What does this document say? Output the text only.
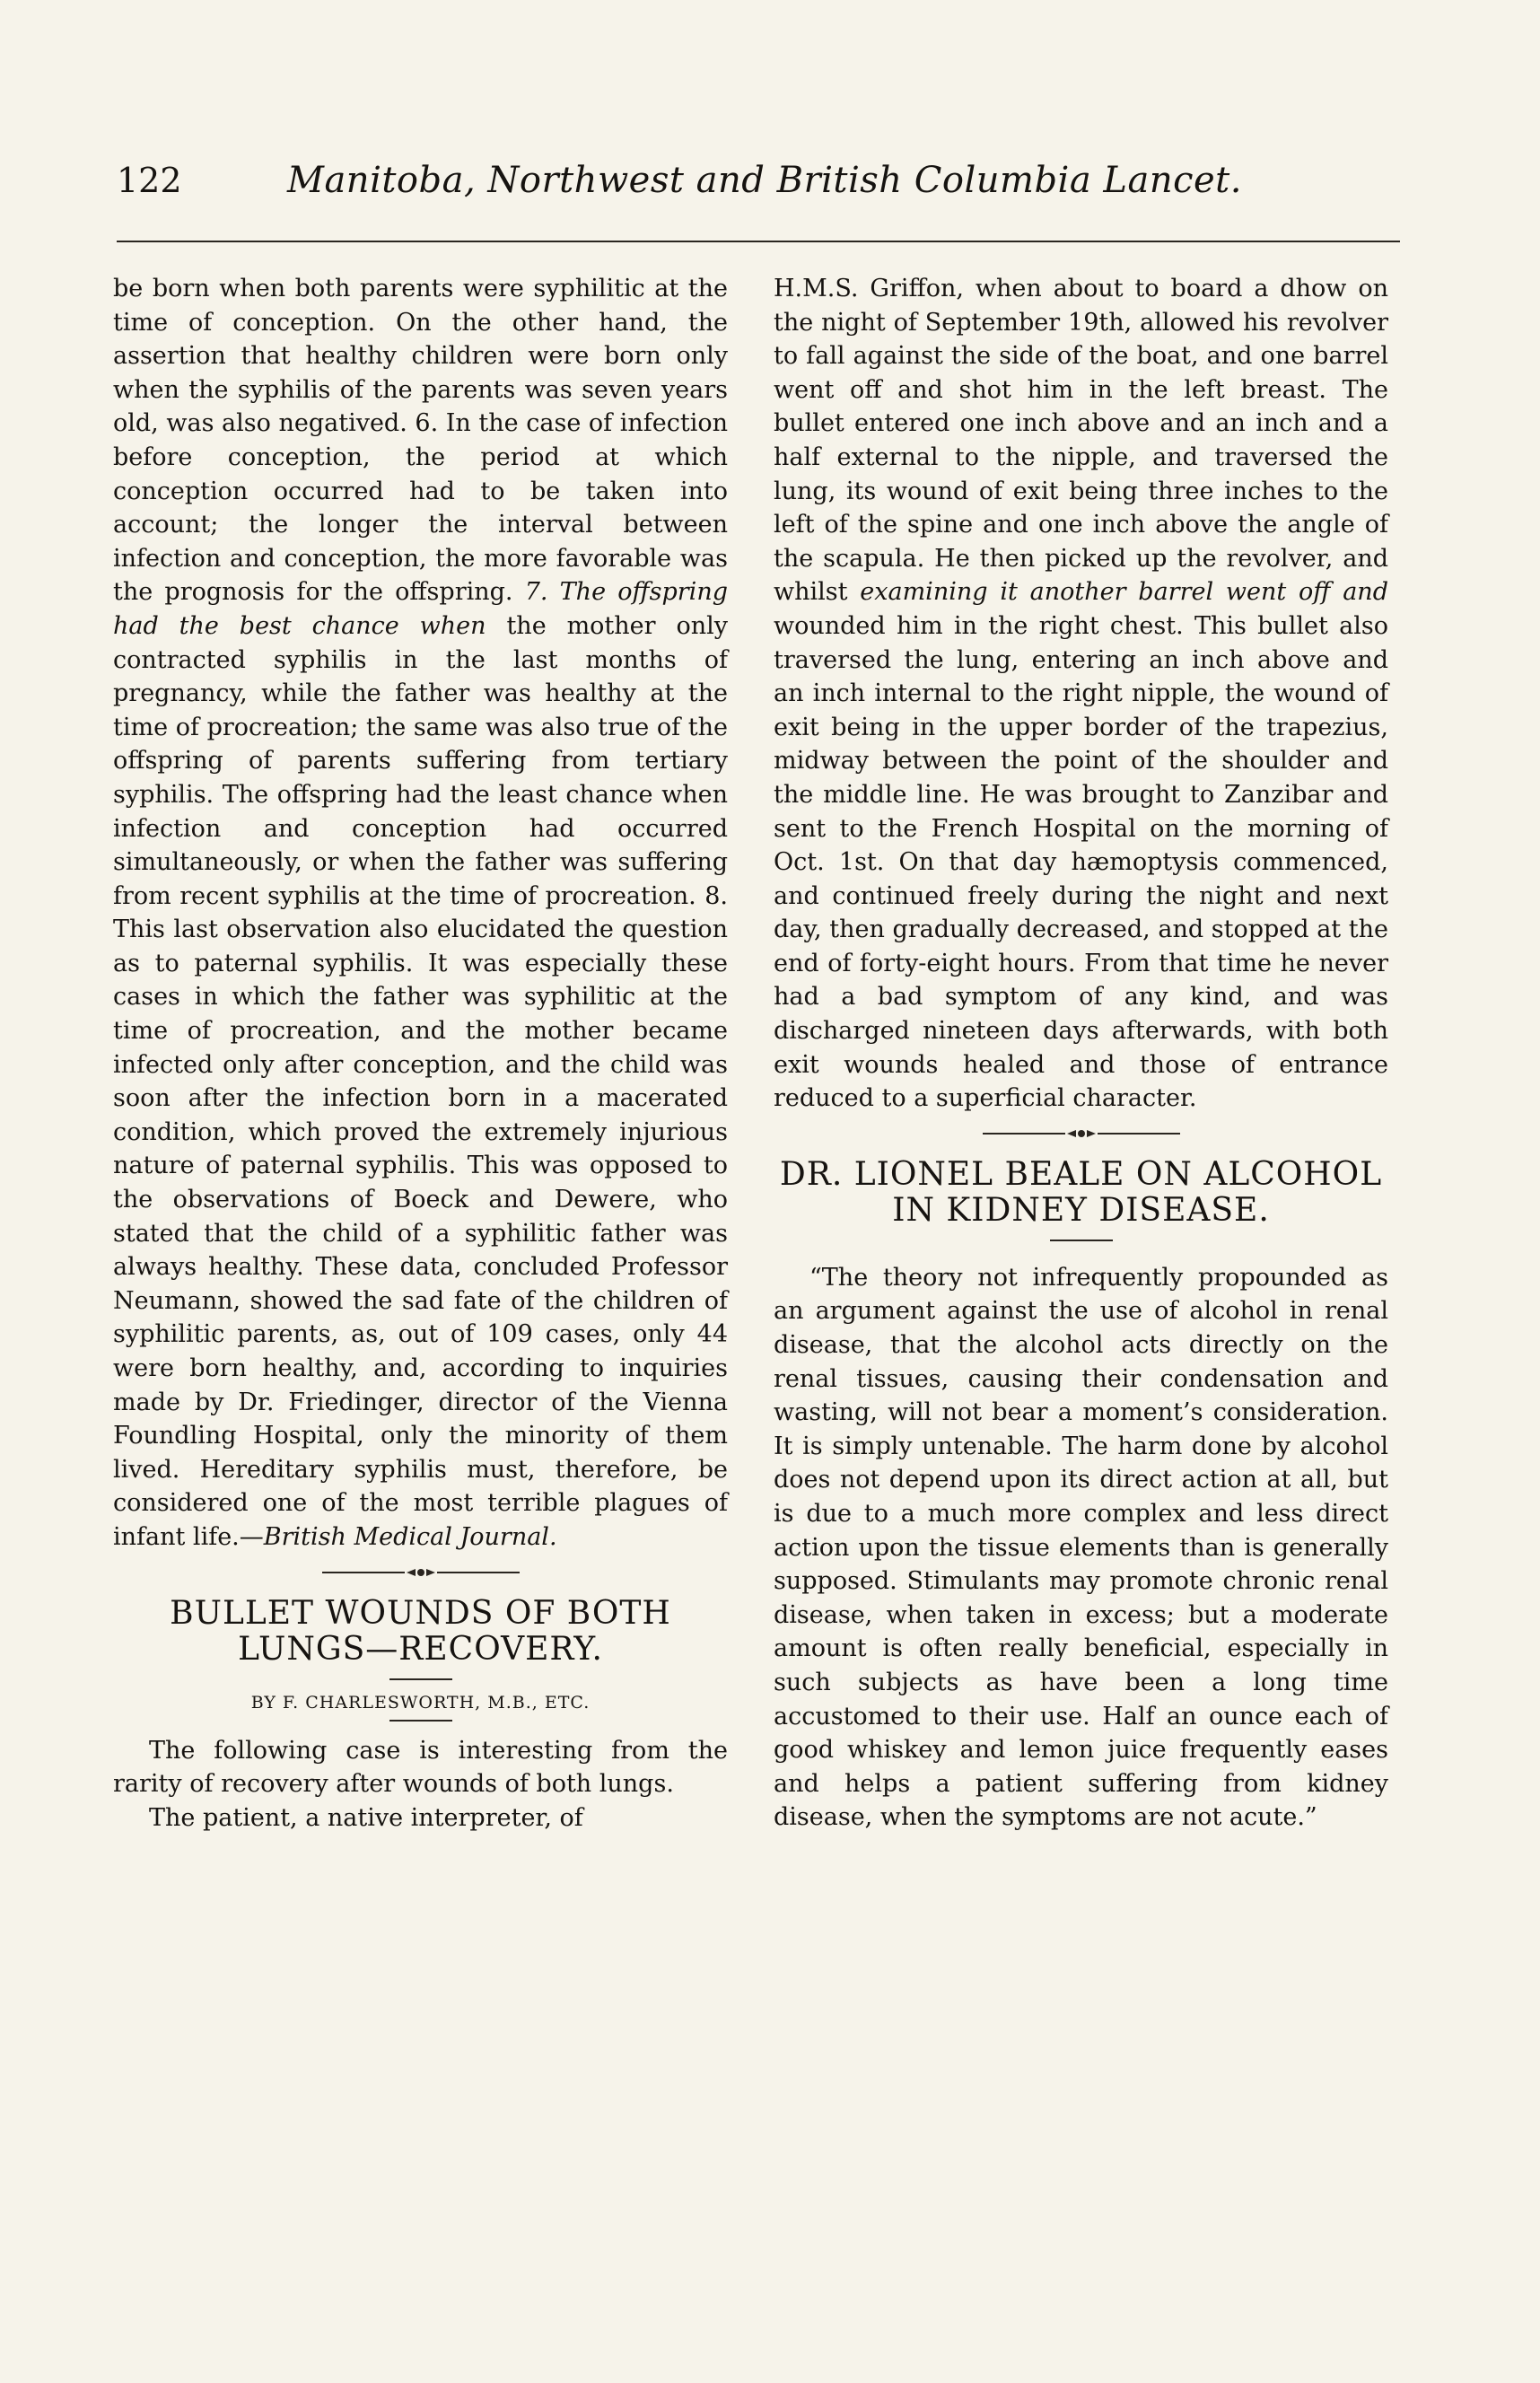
122	Manitoba, Northwest and British Columbia Lancet.

be born when both parents were syphilitic at the time of conception. On the other hand, the assertion that healthy children were born only when the syphilis of the parents was seven years old, was also negatived. 6. In the case of infection before conception, the period at which conception occurred had to be taken into account; the longer the interval between infection and conception, the more favorable was the prognosis for the offspring. 7. The offspring had the best chance when the mother only contracted syphilis in the last months of pregnancy, while the father was healthy at the time of procreation; the same was also true of the offspring of parents suffering from tertiary syphilis. The offspring had the least chance when infection and conception had occurred simultaneously, or when the father was suffering from recent syphilis at the time of procreation. 8. This last observation also elucidated the question as to paternal syphilis. It was especially these cases in which the father was syphilitic at the time of procreation, and the mother became infected only after conception, and the child was soon after the infection born in a macerated condition, which proved the extremely injurious nature of paternal syphilis. This was opposed to the observations of Boeck and Dewere, who stated that the child of a syphilitic father was always healthy. These data, concluded Professor Neumann, showed the sad fate of the children of syphilitic parents, as, out of 109 cases, only 44 were born healthy, and, according to inquiries made by Dr. Friedinger, director of the Vienna Foundling Hospital, only the minority of them lived. Hereditary syphilis must, therefore, be considered one of the most terrible plagues of infant life.—British Medical Journal.

BULLET WOUNDS OF BOTH LUNGS—RECOVERY.
BY F. CHARLESWORTH, M.B., ETC.

The following case is interesting from the rarity of recovery after wounds of both lungs.

The patient, a native interpreter, of

H.M.S. Griffon, when about to board a dhow on the night of September 19th, allowed his revolver to fall against the side of the boat, and one barrel went off and shot him in the left breast. The bullet entered one inch above and an inch and a half external to the nipple, and traversed the lung, its wound of exit being three inches to the left of the spine and one inch above the angle of the scapula. He then picked up the revolver, and whilst examining it another barrel went off and wounded him in the right chest. This bullet also traversed the lung, entering an inch above and an inch internal to the right nipple, the wound of exit being in the upper border of the trapezius, midway between the point of the shoulder and the middle line. He was brought to Zanzibar and sent to the French Hospital on the morning of Oct. 1st. On that day hæmoptysis commenced, and continued freely during the night and next day, then gradually decreased, and stopped at the end of forty-eight hours. From that time he never had a bad symptom of any kind, and was discharged nineteen days afterwards, with both exit wounds healed and those of entrance reduced to a superficial character.

DR. LIONEL BEALE ON ALCOHOL IN KIDNEY DISEASE.

“The theory not infrequently propounded as an argument against the use of alcohol in renal disease, that the alcohol acts directly on the renal tissues, causing their condensation and wasting, will not bear a moment’s consideration. It is simply untenable. The harm done by alcohol does not depend upon its direct action at all, but is due to a much more complex and less direct action upon the tissue elements than is generally supposed. Stimulants may promote chronic renal disease, when taken in excess; but a moderate amount is often really beneficial, especially in such subjects as have been a long time accustomed to their use. Half an ounce each of good whiskey and lemon juice frequently eases and helps a patient suffering from kidney disease, when the symptoms are not acute.”
